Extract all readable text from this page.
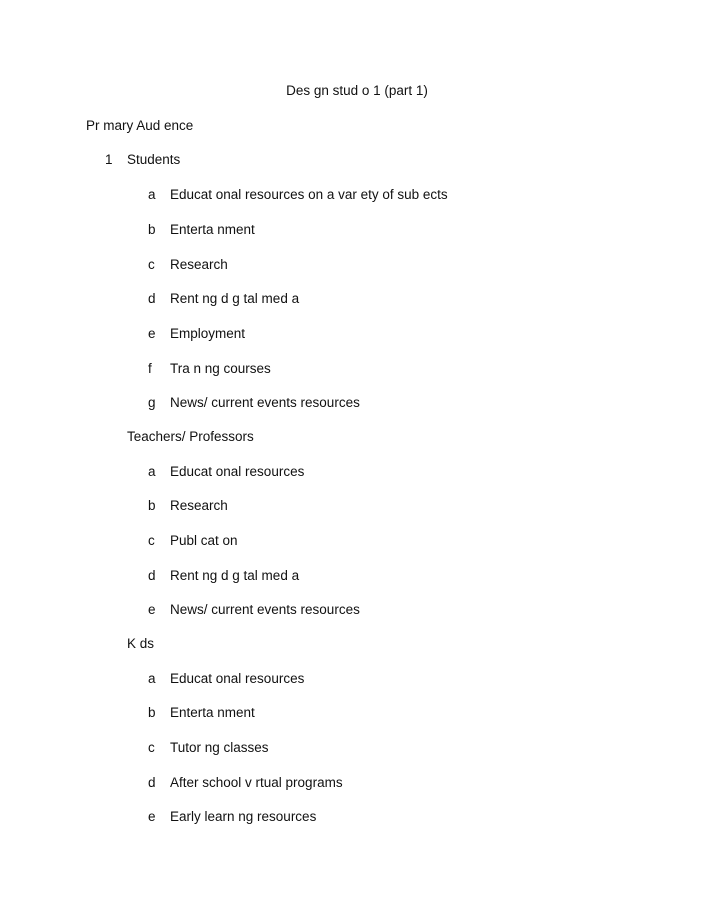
Des gn stud o 1 (part 1)
Pr mary Aud ence
1 Students
a	Educat onal resources on a var ety of sub ects
b	Enterta nment
c	Research
d	Rent ng d g tal med a
e	Employment
f	Tra n ng courses
g	News/ current events resources
Teachers/ Professors
a	Educat onal resources
b	Research
c	Publ cat on
d	Rent ng d g tal med a
e	News/ current events resources
K ds
a	Educat onal resources
b	Enterta nment
c	Tutor ng classes
d	After school v rtual programs
e	Early learn ng resources
